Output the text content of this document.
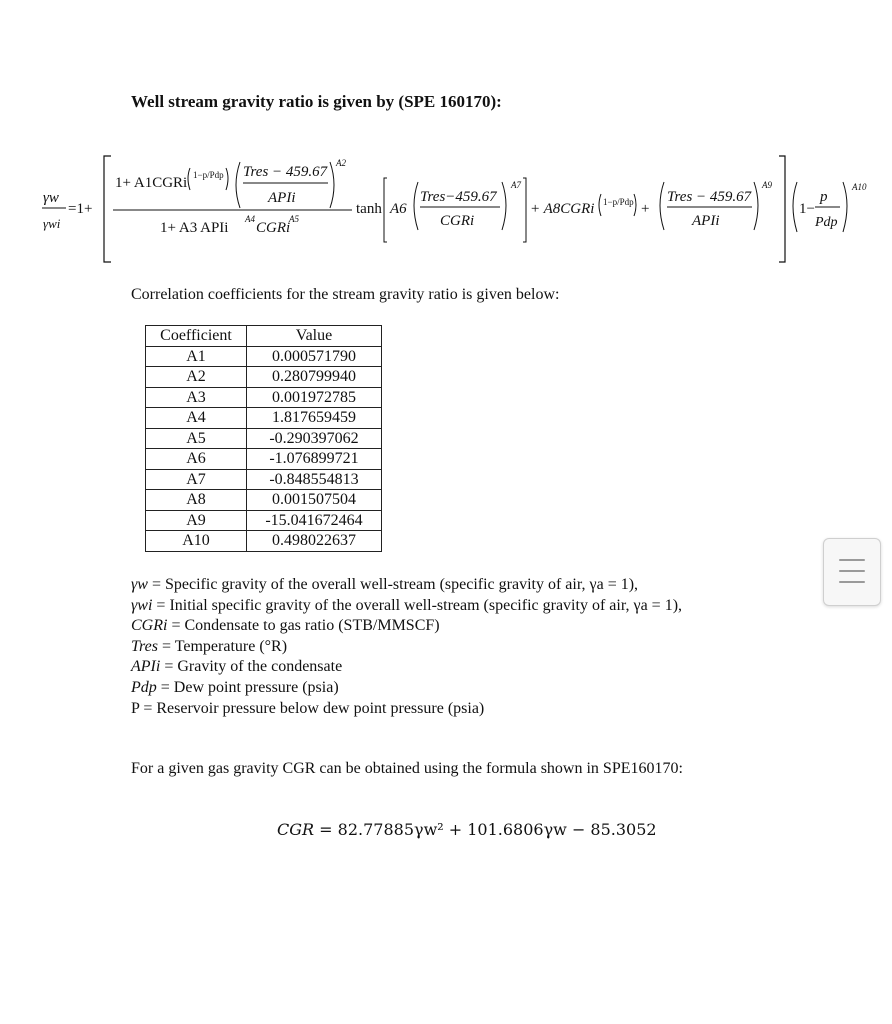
Well stream gravity ratio is given by (SPE 160170):
γw
γwi
=1+
1+ A1CGRi 1−p/Pdp Tres − 459.67
APIi
A2
1+ A3 APIi
A4
CGRi
A5
tanh A6
Tres−459.67
CGRi
A7
+ A8CGRi 1−p/Pdp +
Tres − 459.67
APIi
A9
1−
p
Pdp
A10

Correlation coefficients for the stream gravity ratio is given below:

Coefficient	Value
A1	0.000571790
A2	0.280799940
A3	0.001972785
A4	1.817659459
A5	-0.290397062
A6	-1.076899721
A7	-0.848554813
A8	0.001507504
A9	-15.041672464
A10	0.498022637
γw = Specific gravity of the overall well-stream (specific gravity of air, γa = 1),
γwi = Initial specific gravity of the overall well-stream (specific gravity of air, γa = 1),
CGRi = Condensate to gas ratio (STB/MMSCF)
Tres = Temperature (°R)
APIi = Gravity of the condensate
Pdp = Dew point pressure (psia)
P = Reservoir pressure below dew point pressure (psia)

For a given gas gravity CGR can be obtained using the formula shown in SPE160170:

CGR = 82.77885γw² + 101.6806γw − 85.3052
